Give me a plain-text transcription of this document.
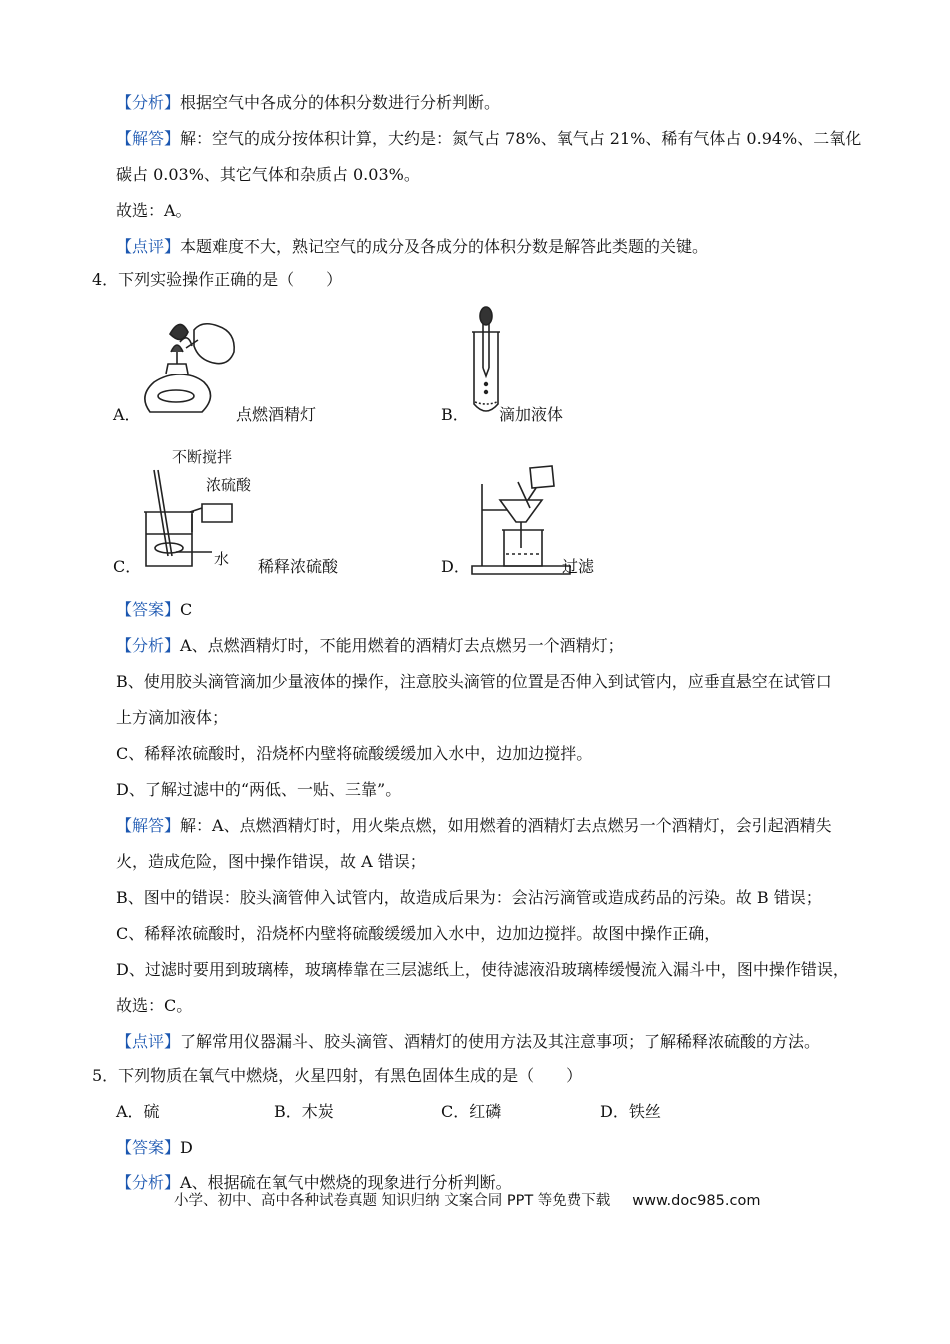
【分析】根据空气中各成分的体积分数进行分析判断。
【解答】解：空气的成分按体积计算，大约是：氮气占 78%、氧气占 21%、稀有气体占 0.94%、二氧化
碳占 0.03%、其它气体和杂质占 0.03%。
故选：A。
【点评】本题难度不大，熟记空气的成分及各成分的体积分数是解答此类题的关键。
4．下列实验操作正确的是（　　）
A．	点燃酒精灯	B． 滴加液体
不断搅拌
浓硫酸
水
C．	稀释浓硫酸	D．	过滤
【答案】C
【分析】A、点燃酒精灯时，不能用燃着的酒精灯去点燃另一个酒精灯；
B、使用胶头滴管滴加少量液体的操作，注意胶头滴管的位置是否伸入到试管内，应垂直悬空在试管口
上方滴加液体；
C、稀释浓硫酸时，沿烧杯内壁将硫酸缓缓加入水中，边加边搅拌。
D、了解过滤中的“两低、一贴、三靠”。
【解答】解：A、点燃酒精灯时，用火柴点燃，如用燃着的酒精灯去点燃另一个酒精灯，会引起酒精失
火，造成危险，图中操作错误，故 A 错误；
B、图中的错误：胶头滴管伸入试管内，故造成后果为：会沾污滴管或造成药品的污染。故 B 错误；
C、稀释浓硫酸时，沿烧杯内壁将硫酸缓缓加入水中，边加边搅拌。故图中操作正确，
D、过滤时要用到玻璃棒，玻璃棒靠在三层滤纸上，使待滤液沿玻璃棒缓慢流入漏斗中，图中操作错误，
故选：C。
【点评】了解常用仪器漏斗、胶头滴管、酒精灯的使用方法及其注意事项；了解稀释浓硫酸的方法。
5．下列物质在氧气中燃烧，火星四射，有黑色固体生成的是（　　）
A．硫	B．木炭	C．红磷	D．铁丝
【答案】D
【分析】A、根据硫在氧气中燃烧的现象进行分析判断。
小学、初中、高中各种试卷真题 知识归纳 文案合同 PPT 等免费下载 www.doc985.com
